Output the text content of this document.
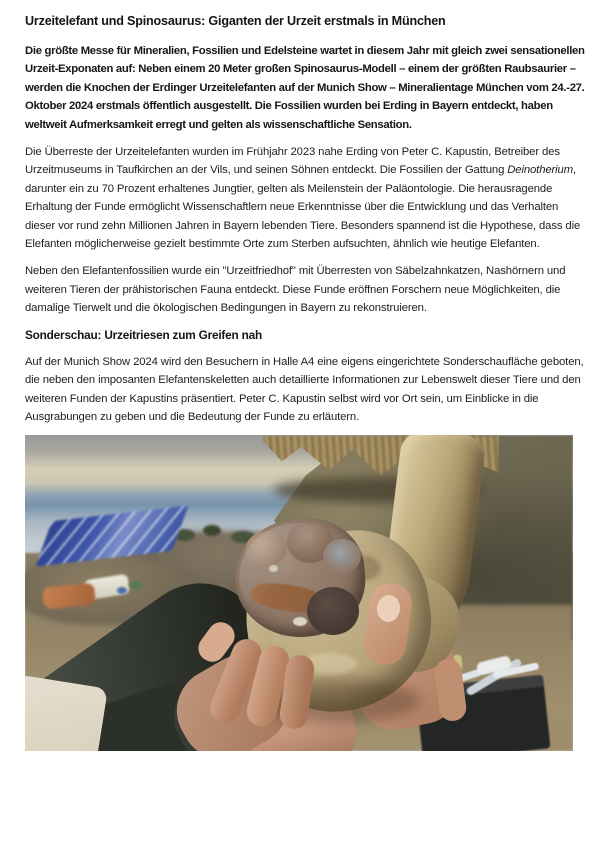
Urzeitelefant und Spinosaurus: Giganten der Urzeit erstmals in München

Die größte Messe für Mineralien, Fossilien und Edelsteine wartet in diesem Jahr mit gleich zwei sensationellen Urzeit-Exponaten auf: Neben einem 20 Meter großen Spinosaurus-Modell – einem der größten Raubsaurier – werden die Knochen der Erdinger Urzeitelefanten auf der Munich Show – Mineralientage München vom 24.-27. Oktober 2024 erstmals öffentlich ausgestellt. Die Fossilien wurden bei Erding in Bayern entdeckt, haben weltweit Aufmerksamkeit erregt und gelten als wissenschaftliche Sensation.

Die Überreste der Urzeitelefanten wurden im Frühjahr 2023 nahe Erding von Peter C. Kapustin, Betreiber des Urzeitmuseums in Taufkirchen an der Vils, und seinen Söhnen entdeckt. Die Fossilien der Gattung Deinotherium, darunter ein zu 70 Prozent erhaltenes Jungtier, gelten als Meilenstein der Paläontologie. Die herausragende Erhaltung der Funde ermöglicht Wissenschaftlern neue Erkenntnisse über die Entwicklung und das Verhalten dieser vor rund zehn Millionen Jahren in Bayern lebenden Tiere. Besonders spannend ist die Hypothese, dass die Elefanten möglicherweise gezielt bestimmte Orte zum Sterben aufsuchten, ähnlich wie heutige Elefanten.

Neben den Elefantenfossilien wurde ein "Urzeitfriedhof" mit Überresten von Säbelzahnkatzen, Nashörnern und weiteren Tieren der prähistorischen Fauna entdeckt. Diese Funde eröffnen Forschern neue Möglichkeiten, die damalige Tierwelt und die ökologischen Bedingungen in Bayern zu rekonstruieren.

Sonderschau: Urzeitriesen zum Greifen nah

Auf der Munich Show 2024 wird den Besuchern in Halle A4 eine eigens eingerichtete Sonderschaufläche geboten, die neben den imposanten Elefantenskeletten auch detaillierte Informationen zur Lebenswelt dieser Tiere und den weiteren Funden der Kapustins präsentiert. Peter C. Kapustin selbst wird vor Ort sein, um Einblicke in die Ausgrabungen zu geben und die Bedeutung der Funde zu erläutern.
